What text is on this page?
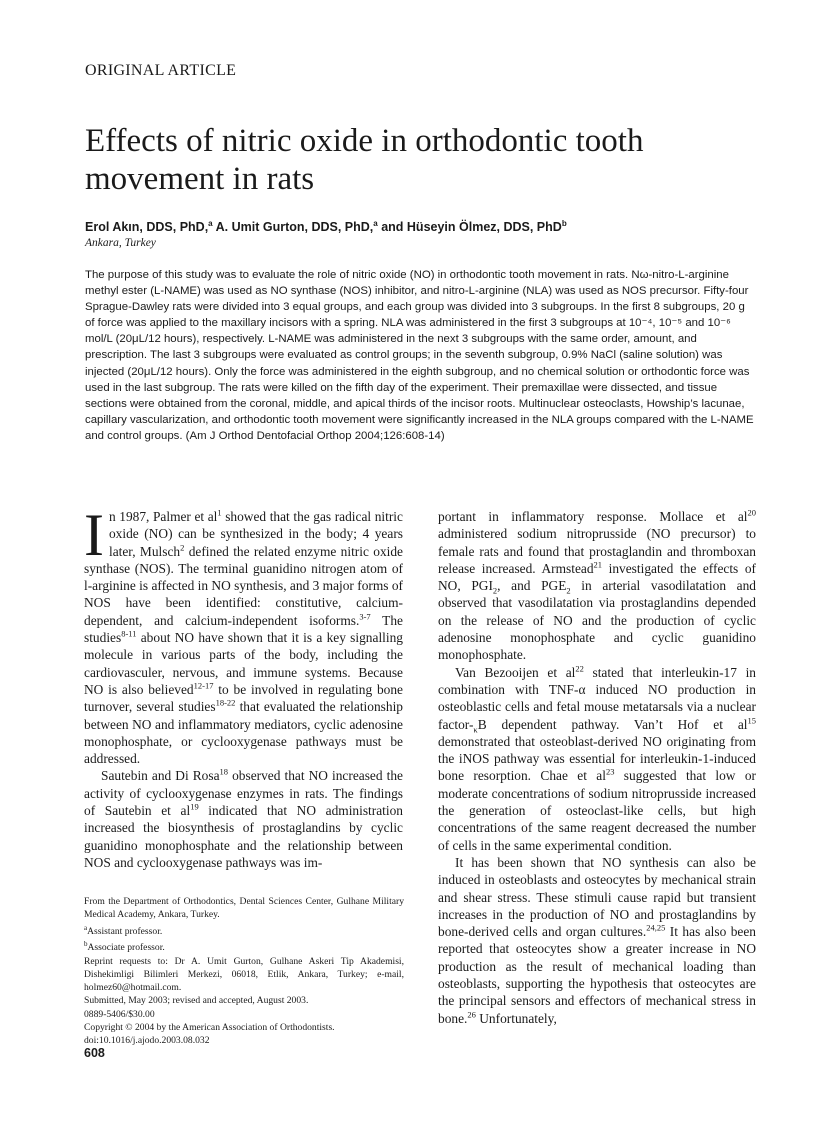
ORIGINAL ARTICLE
Effects of nitric oxide in orthodontic tooth movement in rats
Erol Akın, DDS, PhD,$^a$ A. Umit Gurton, DDS, PhD,$^a$ and Hüseyin Ölmez, DDS, PhD$^b$
Ankara, Turkey
The purpose of this study was to evaluate the role of nitric oxide (NO) in orthodontic tooth movement in rats. Nω-nitro-L-arginine methyl ester (L-NAME) was used as NO synthase (NOS) inhibitor, and nitro-L-arginine (NLA) was used as NOS precursor. Fifty-four Sprague-Dawley rats were divided into 3 equal groups, and each group was divided into 3 subgroups. In the first 8 subgroups, 20 g of force was applied to the maxillary incisors with a spring. NLA was administered in the first 3 subgroups at 10⁻⁴, 10⁻⁵ and 10⁻⁶ mol/L (20μL/12 hours), respectively. L-NAME was administered in the next 3 subgroups with the same order, amount, and prescription. The last 3 subgroups were evaluated as control groups; in the seventh subgroup, 0.9% NaCl (saline solution) was injected (20μL/12 hours). Only the force was administered in the eighth subgroup, and no chemical solution or orthodontic force was used in the last subgroup. The rats were killed on the fifth day of the experiment. Their premaxillae were dissected, and tissue sections were obtained from the coronal, middle, and apical thirds of the incisor roots. Multinuclear osteoclasts, Howship’s lacunae, capillary vascularization, and orthodontic tooth movement were significantly increased in the NLA groups compared with the L-NAME and control groups. (Am J Orthod Dentofacial Orthop 2004;126:608-14)

In 1987, Palmer et $al^1$ showed that the gas radical nitric oxide (NO) can be synthesized in the body; 4 years later, Mulsch$^2$ defined the related enzyme nitric oxide synthase (NOS). The terminal guanidino nitrogen atom of l-arginine is affected in NO synthesis, and 3 major forms of NOS have been identified: constitutive, calcium-dependent, and calcium-independent isoforms.$^{3-7}$ The studies$^{8-11}$ about NO have shown that it is a key signalling molecule in various parts of the body, including the cardiovasculer, nervous, and immune systems. Because NO is also believed$^{12-17}$ to be involved in regulating bone turnover, several studies$^{18-22}$ that evaluated the relationship between NO and inflammatory mediators, cyclic adenosine monophosphate, or cyclooxygenase pathways must be addressed.

Sautebin and Di Rosa$^{18}$ observed that NO increased the activity of cyclooxygenase enzymes in rats. The findings of Sautebin et $al^{19}$ indicated that NO administration increased the biosynthesis of prostaglandins by cyclic guanidino monophosphate and the relationship between NOS and cyclooxygenase pathways was im-

portant in inflammatory response. Mollace et $al^{20}$ administered sodium nitroprusside (NO precursor) to female rats and found that prostaglandin and thromboxan release increased. Armstead$^{21}$ investigated the effects of NO, $PGI_2$, and $PGE_2$ in arterial vasodilatation and observed that vasodilatation via prostaglandins depended on the release of NO and the production of cyclic adenosine monophosphate and cyclic guanidino monophosphate.

Van Bezooijen et $al^{22}$ stated that interleukin-17 in combination with TNF-α induced NO production in osteoblastic cells and fetal mouse metatarsals via a nuclear factor-$_\kappa B$ dependent pathway. Van’t Hof et $al^{15}$ demonstrated that osteoblast-derived NO originating from the iNOS pathway was essential for interleukin-1-induced bone resorption. Chae et $al^{23}$ suggested that low or moderate concentrations of sodium nitroprusside increased the generation of osteoclast-like cells, but high concentrations of the same reagent decreased the number of cells in the same experimental condition.

It has been shown that NO synthesis can also be induced in osteoblasts and osteocytes by mechanical strain and shear stress. These stimuli cause rapid but transient increases in the production of NO and prostaglandins by bone-derived cells and organ cultures.$^{24,25}$ It has also been reported that osteocytes show a greater increase in NO production as the result of mechanical loading than osteoblasts, supporting the hypothesis that osteocytes are the principal sensors and effectors of mechanical stress in bone.$^{26}$ Unfortunately,

From the Department of Orthodontics, Dental Sciences Center, Gulhane Military Medical Academy, Ankara, Turkey.
$^a$Assistant professor.
$^b$Associate professor.
Reprint requests to: Dr A. Umit Gurton, Gulhane Askeri Tip Akademisi, Dishekimligi Bilimleri Merkezi, 06018, Etlik, Ankara, Turkey; e-mail, holmez60@hotmail.com.
Submitted, May 2003; revised and accepted, August 2003.
0889-5406/$30.00
Copyright © 2004 by the American Association of Orthodontists.
doi:10.1016/j.ajodo.2003.08.032
608
